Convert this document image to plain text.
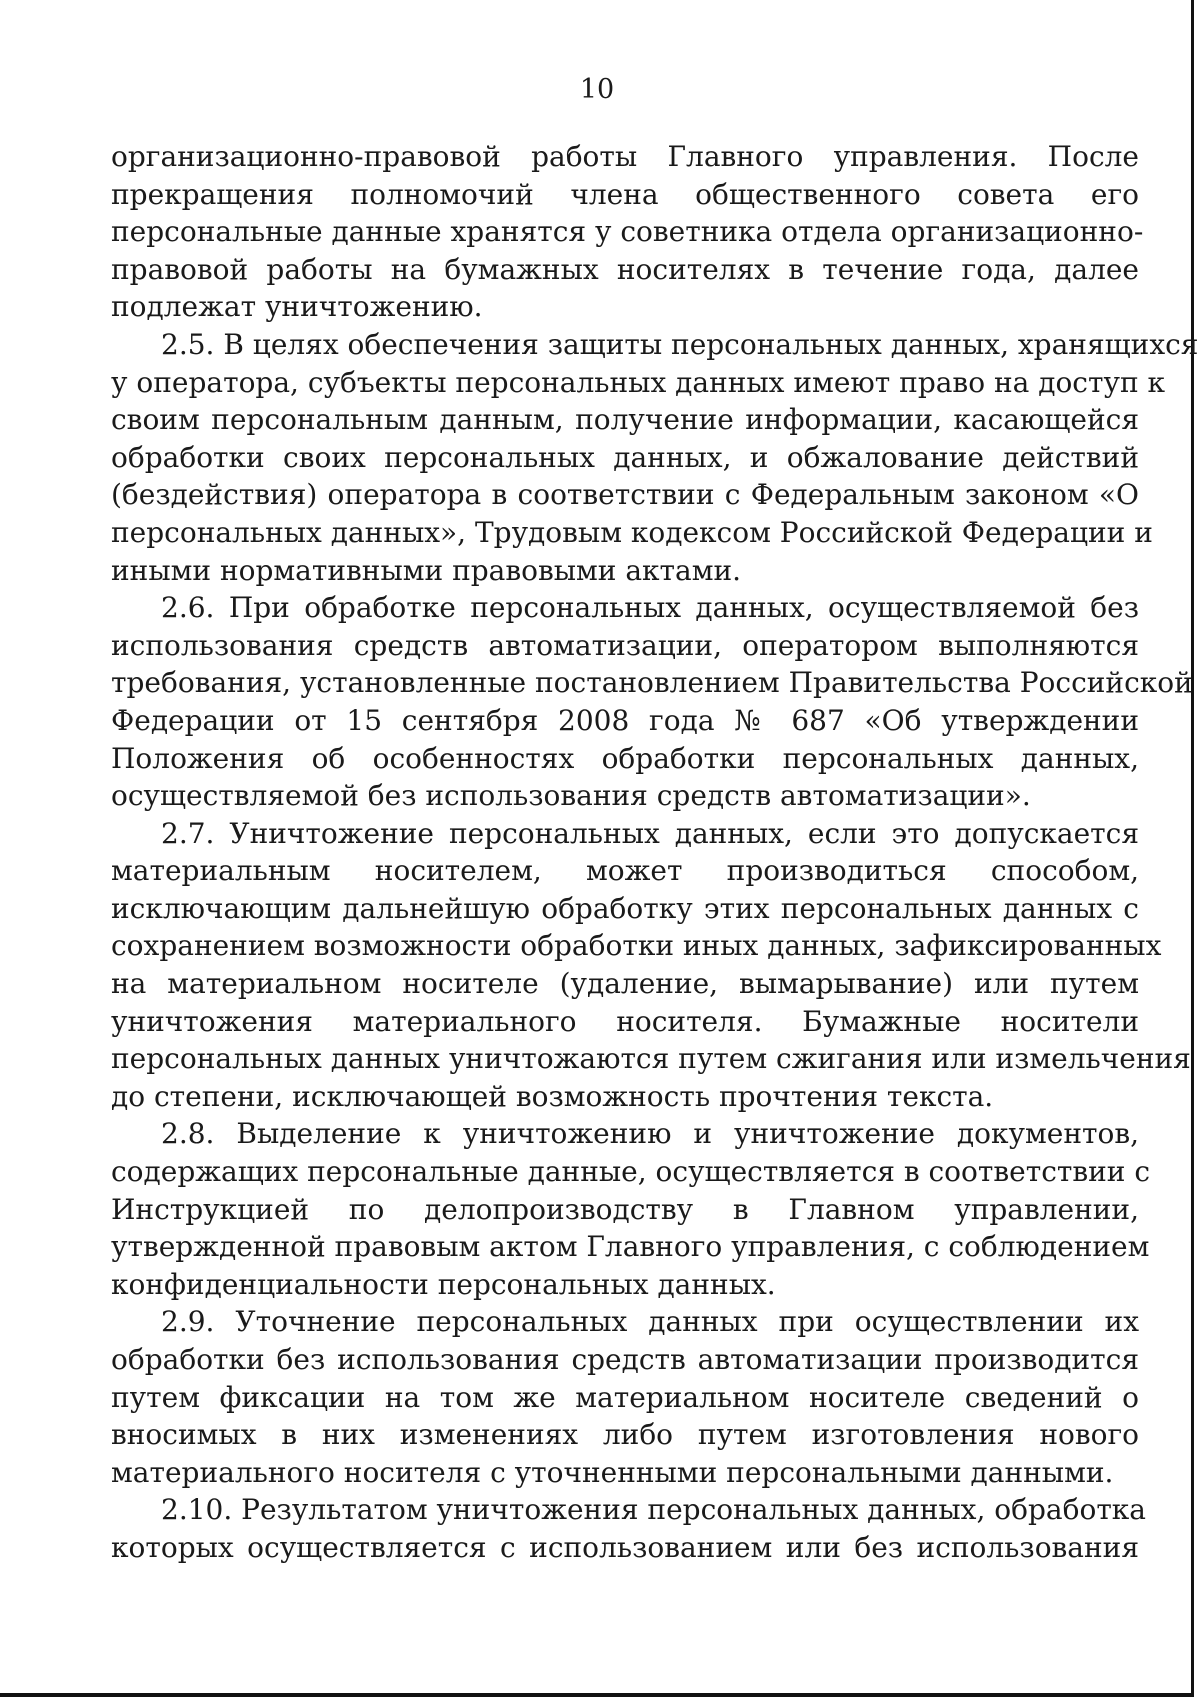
10

организационно-правовой работы Главного управления. После
прекращения полномочий члена общественного совета его
персональные данные хранятся у советника отдела организационно-
правовой работы на бумажных носителях в течение года, далее
подлежат уничтожению.

2.5. В целях обеспечения защиты персональных данных, хранящихся
у оператора, субъекты персональных данных имеют право на доступ к
своим персональным данным, получение информации, касающейся
обработки своих персональных данных, и обжалование действий
(бездействия) оператора в соответствии с Федеральным законом «О
персональных данных», Трудовым кодексом Российской Федерации и
иными нормативными правовыми актами.

2.6. При обработке персональных данных, осуществляемой без
использования средств автоматизации, оператором выполняются
требования, установленные постановлением Правительства Российской
Федерации от 15 сентября 2008 года № 687 «Об утверждении
Положения об особенностях обработки персональных данных,
осуществляемой без использования средств автоматизации».

2.7. Уничтожение персональных данных, если это допускается
материальным носителем, может производиться способом,
исключающим дальнейшую обработку этих персональных данных с
сохранением возможности обработки иных данных, зафиксированных
на материальном носителе (удаление, вымарывание) или путем
уничтожения материального носителя. Бумажные носители
персональных данных уничтожаются путем сжигания или измельчения
до степени, исключающей возможность прочтения текста.

2.8. Выделение к уничтожению и уничтожение документов,
содержащих персональные данные, осуществляется в соответствии с
Инструкцией по делопроизводству в Главном управлении,
утвержденной правовым актом Главного управления, с соблюдением
конфиденциальности персональных данных.

2.9. Уточнение персональных данных при осуществлении их
обработки без использования средств автоматизации производится
путем фиксации на том же материальном носителе сведений о
вносимых в них изменениях либо путем изготовления нового
материального носителя с уточненными персональными данными.

2.10. Результатом уничтожения персональных данных, обработка
которых осуществляется с использованием или без использования
